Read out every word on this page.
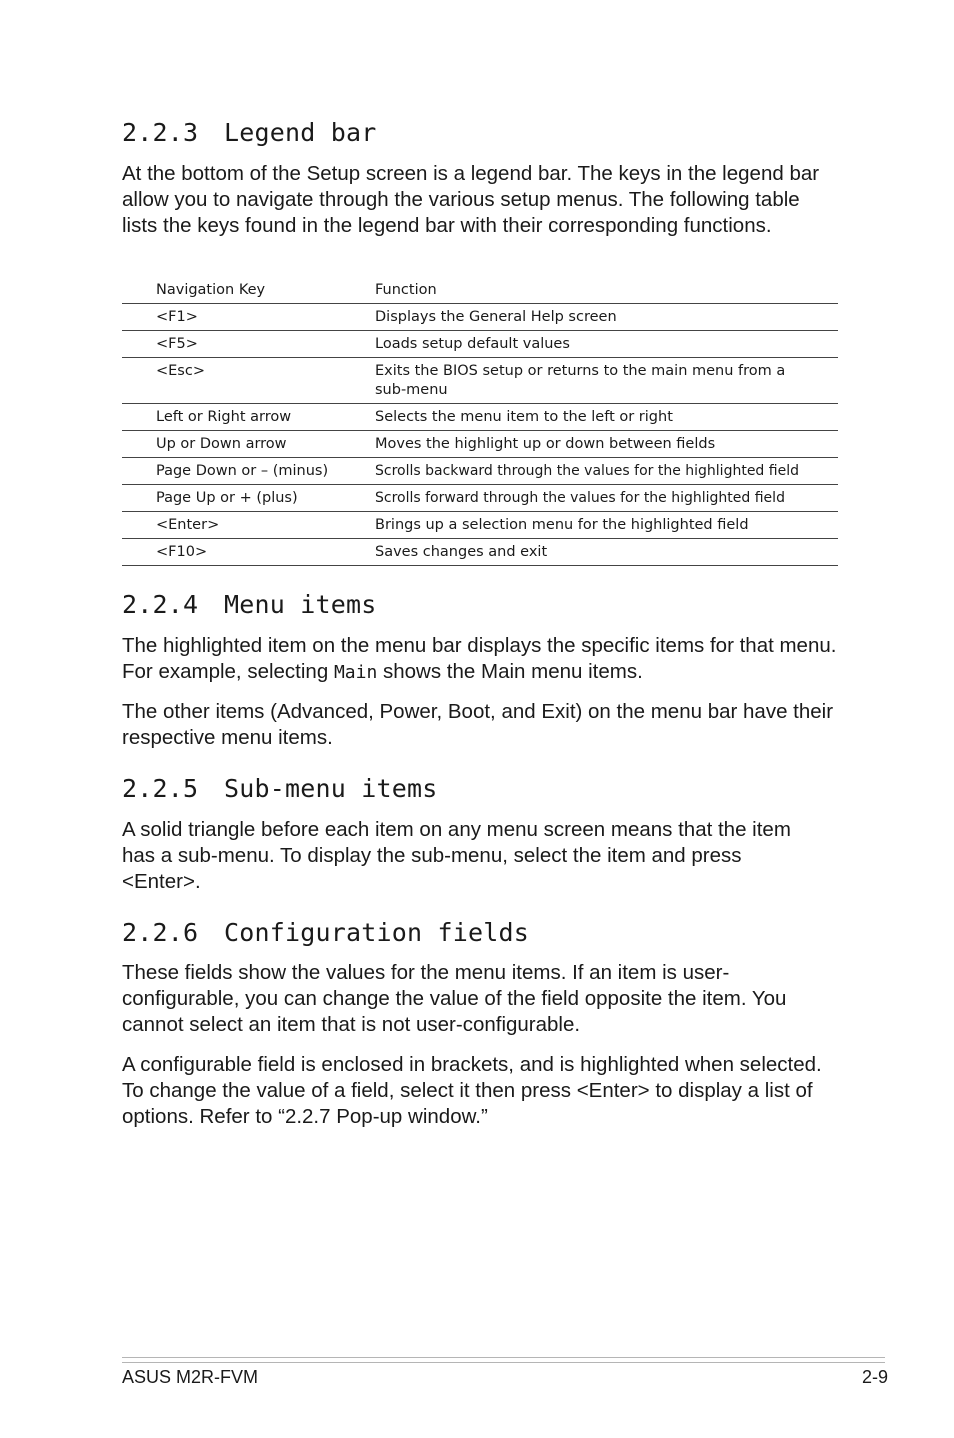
2.2.3 Legend bar

At the bottom of the Setup screen is a legend bar. The keys in the legend bar allow you to navigate through the various setup menus. The following table lists the keys found in the legend bar with their corresponding functions.

Navigation Key	Function
<F1>	Displays the General Help screen
<F5>	Loads setup default values
<Esc>	Exits the BIOS setup or returns to the main menu from a sub-menu
Left or Right arrow	Selects the menu item to the left or right
Up or Down arrow	Moves the highlight up or down between fields
Page Down or – (minus)	Scrolls backward through the values for the highlighted field
Page Up or + (plus)	Scrolls forward through the values for the highlighted field
<Enter>	Brings up a selection menu for the highlighted field
<F10>	Saves changes and exit
2.2.4 Menu items

The highlighted item on the menu bar displays the specific items for that menu. For example, selecting Main shows the Main menu items.

The other items (Advanced, Power, Boot, and Exit) on the menu bar have their respective menu items.

2.2.5 Sub-menu items

A solid triangle before each item on any menu screen means that the item has a sub-menu. To display the sub-menu, select the item and press <Enter>.

2.2.6 Configuration fields

These fields show the values for the menu items. If an item is user-configurable, you can change the value of the field opposite the item. You cannot select an item that is not user-configurable.

A configurable field is enclosed in brackets, and is highlighted when selected. To change the value of a field, select it then press <Enter> to display a list of options. Refer to “2.2.7 Pop-up window.”

ASUS M2R-FVM	2-9
